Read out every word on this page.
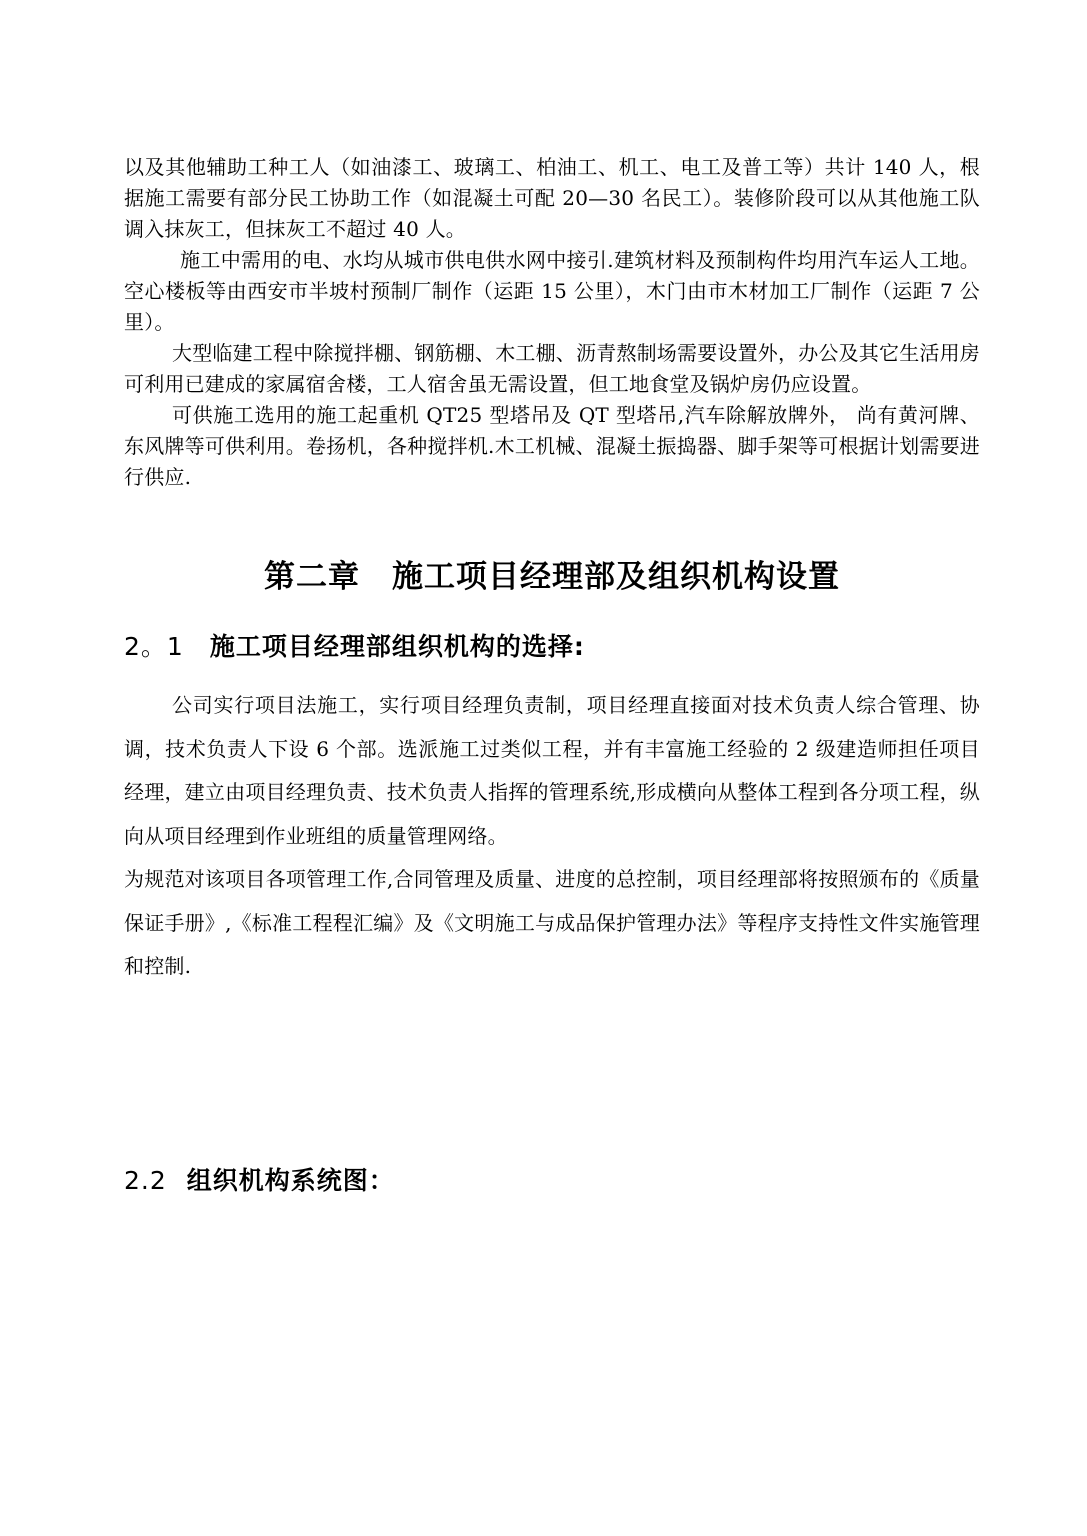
以及其他辅助工种工人（如油漆工、玻璃工、柏油工、机工、电工及普工等）共计 140 人，根据施工需要有部分民工协助工作（如混凝土可配 20—30 名民工）。装修阶段可以从其他施工队调入抹灰工，但抹灰工不超过 40 人。

施工中需用的电、水均从城市供电供水网中接引.建筑材料及预制构件均用汽车运人工地。空心楼板等由西安市半坡村预制厂制作（运距 15 公里），木门由市木材加工厂制作（运距 7 公里）。

大型临建工程中除搅拌棚、钢筋棚、木工棚、沥青熬制场需要设置外，办公及其它生活用房可利用已建成的家属宿舍楼，工人宿舍虽无需设置，但工地食堂及锅炉房仍应设置。

可供施工选用的施工起重机 QT25 型塔吊及 QT 型塔吊,汽车除解放牌外， 尚有黄河牌、东风牌等可供利用。卷扬机，各种搅拌机.木工机械、混凝土振捣器、脚手架等可根据计划需要进行供应.

第二章　施工项目经理部及组织机构设置
2。1 施工项目经理部组织机构的选择:

公司实行项目法施工，实行项目经理负责制，项目经理直接面对技术负责人综合管理、协调，技术负责人下设 6 个部。选派施工过类似工程，并有丰富施工经验的 2 级建造师担任项目经理，建立由项目经理负责、技术负责人指挥的管理系统,形成横向从整体工程到各分项工程，纵向从项目经理到作业班组的质量管理网络。

为规范对该项目各项管理工作,合同管理及质量、进度的总控制，项目经理部将按照颁布的《质量保证手册》,《标准工程程汇编》及《文明施工与成品保护管理办法》等程序支持性文件实施管理和控制.

2.2 组织机构系统图：
